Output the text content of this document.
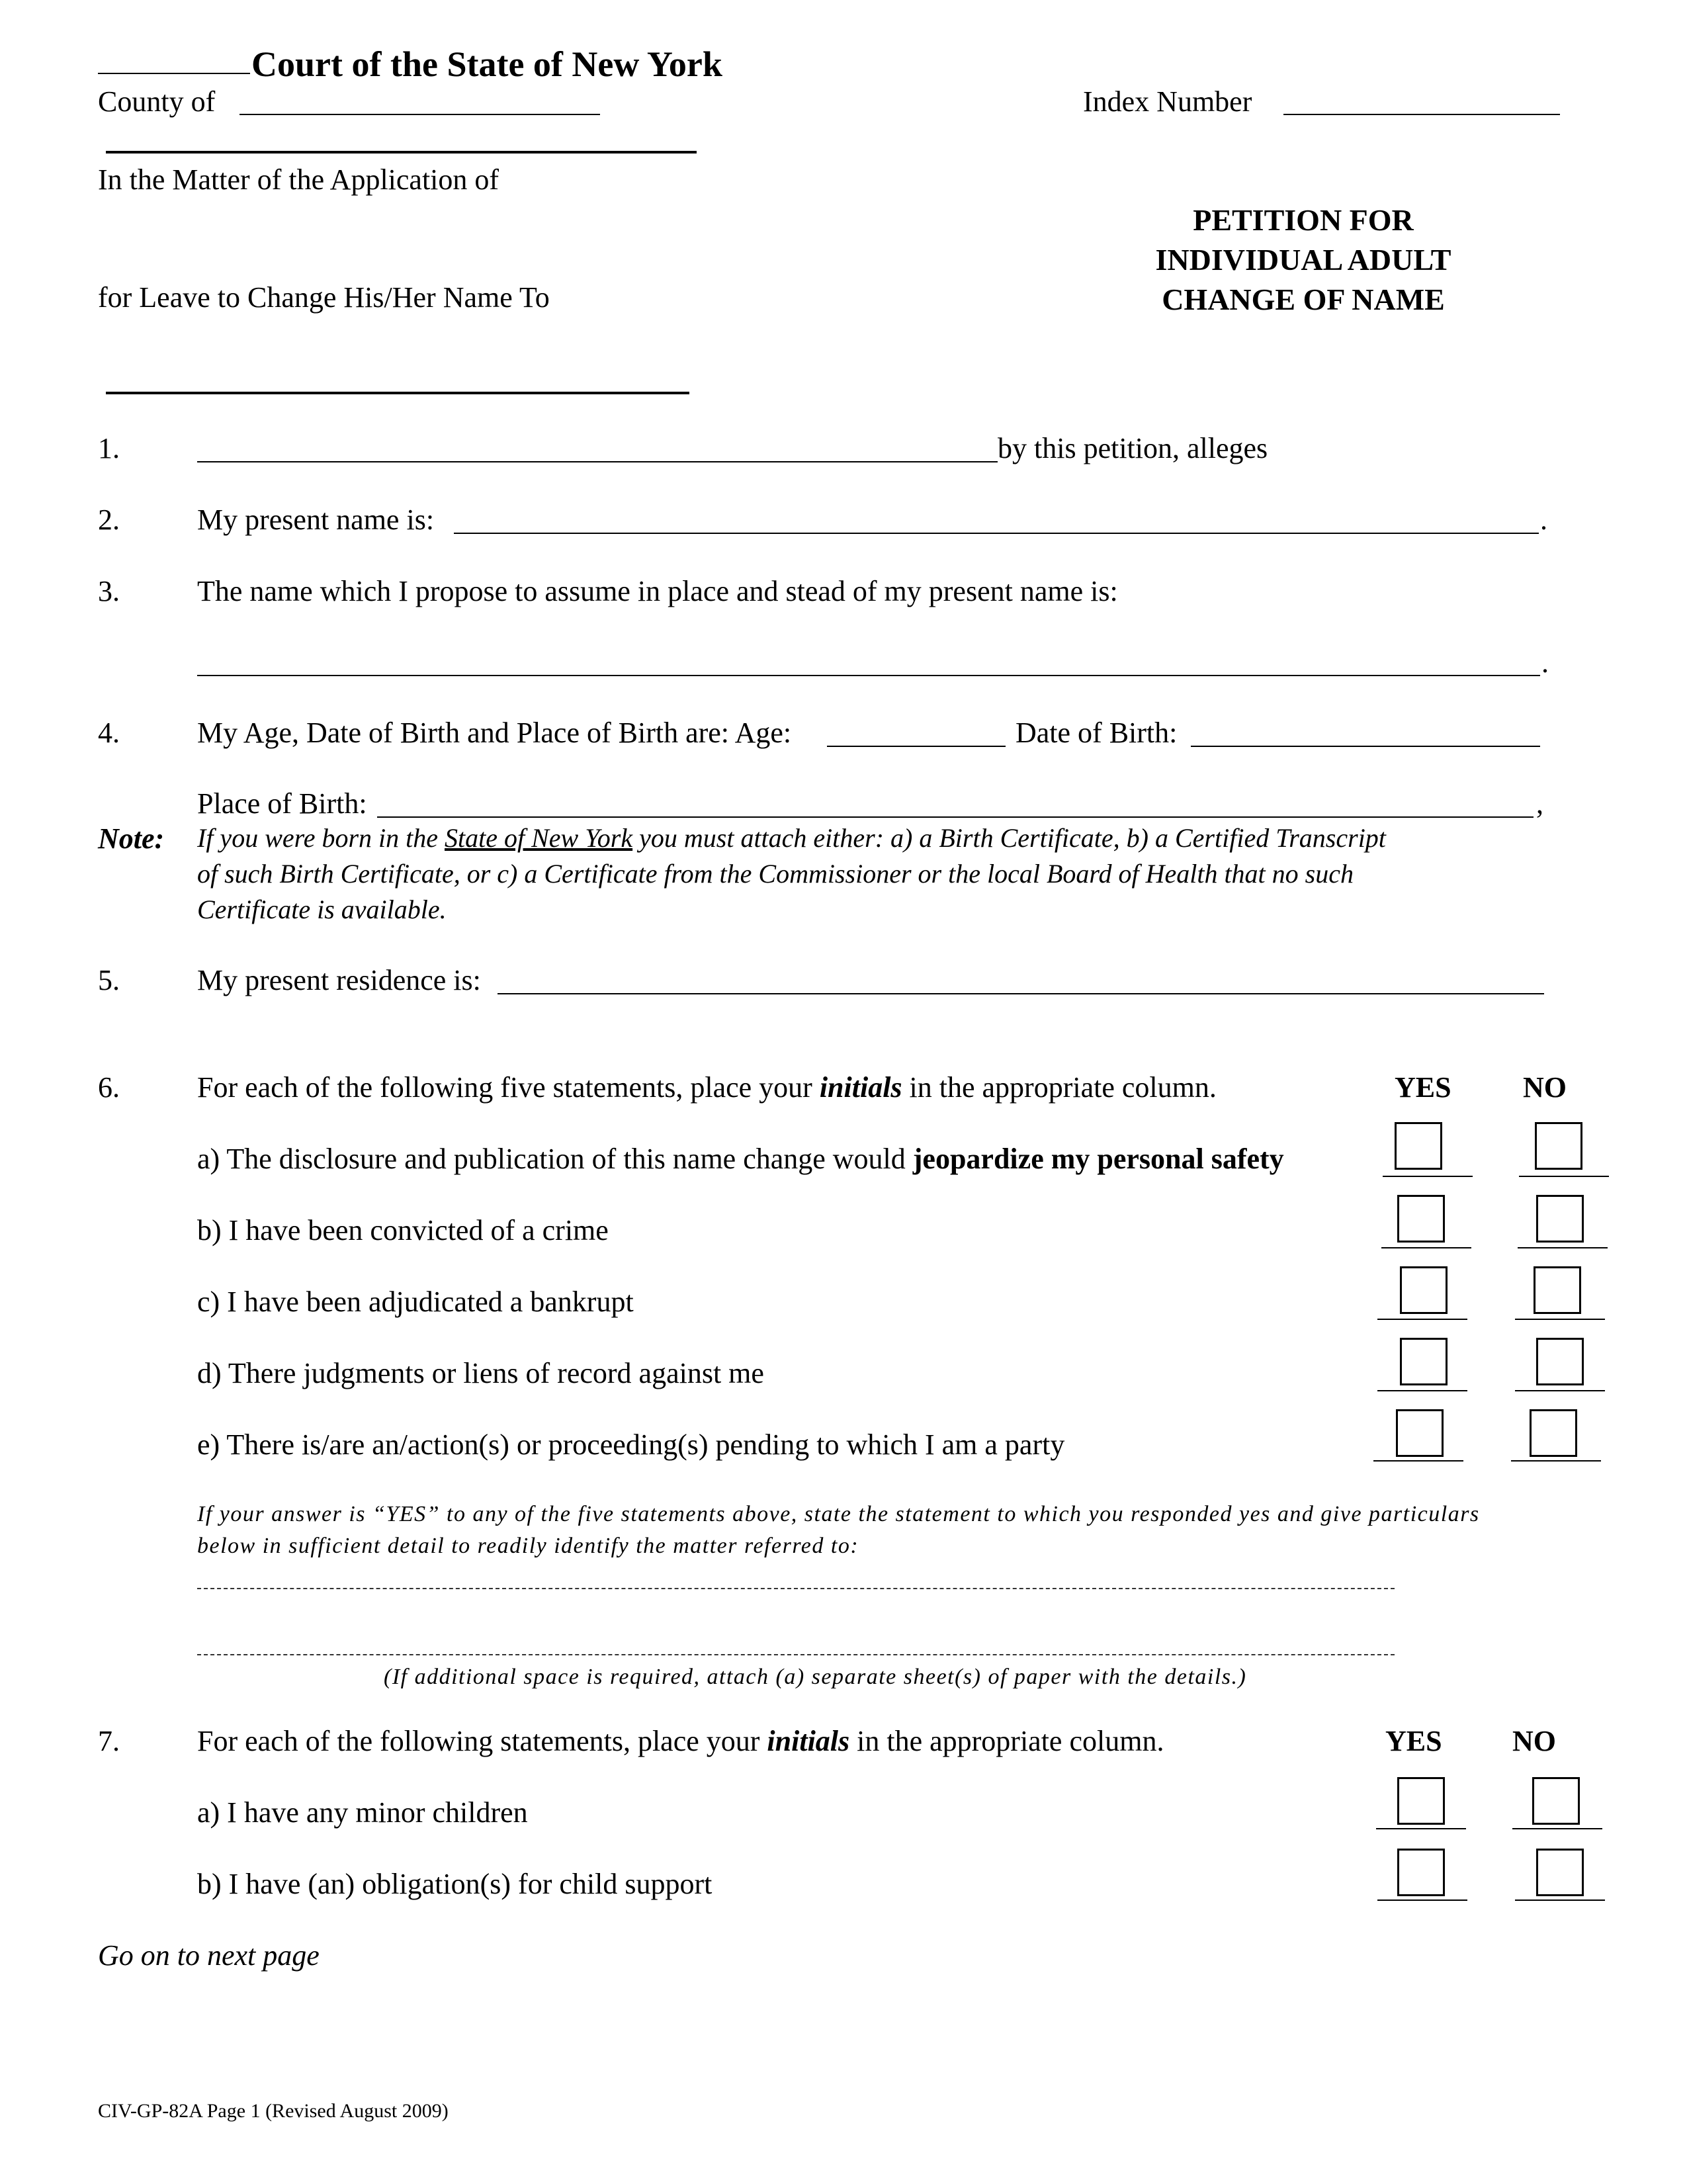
Court of the State of New York
County of	Index Number
In the Matter of the Application of
for Leave to Change His/Her Name To
PETITION FOR
INDIVIDUAL ADULT
CHANGE OF NAME
1.	by this petition, alleges
2.	My present name is:	.
3.	The name which I propose to assume in place and stead of my present name is:
.
4.	My Age, Date of Birth and Place of Birth are: Age:	Date of Birth:
Place of Birth:	,
Note: If you were born in the State of New York you must attach either: a) a Birth Certificate, b) a Certified Transcript
of such Birth Certificate, or c) a Certificate from the Commissioner or the local Board of Health that no such
Certificate is available.
5.	My present residence is:
6.	For each of the following five statements, place your initials in the appropriate column.	YES NO
a) The disclosure and publication of this name change would jeopardize my personal safety
b) I have been convicted of a crime
c) I have been adjudicated a bankrupt
d) There judgments or liens of record against me
e) There is/are an/action(s) or proceeding(s) pending to which I am a party
If your answer is “YES” to any of the five statements above, state the statement to which you responded yes and give particulars
below in sufficient detail to readily identify the matter referred to:
(If additional space is required, attach (a) separate sheet(s) of paper with the details.)
7.	For each of the following statements, place your initials in the appropriate column.	YES NO
a) I have any minor children
b) I have (an) obligation(s) for child support
Go on to next page
CIV-GP-82A Page 1 (Revised August 2009)
